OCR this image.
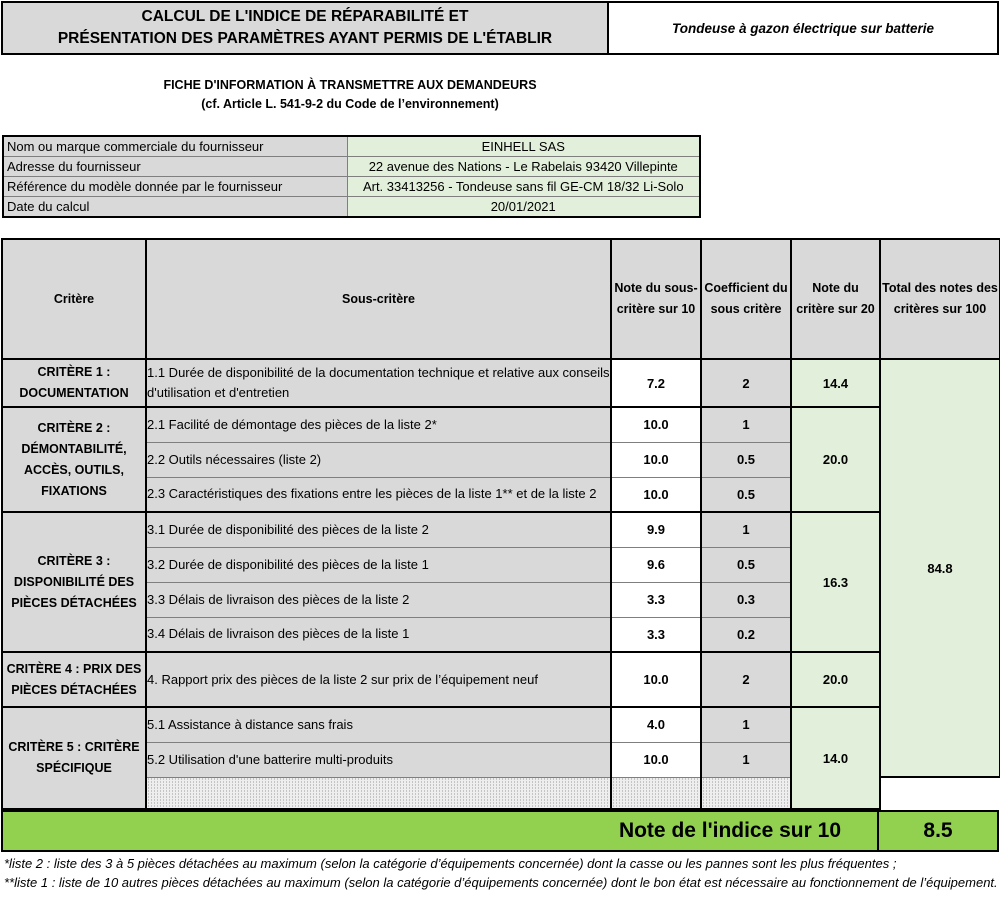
CALCUL DE L'INDICE DE RÉPARABILITÉ ET
PRÉSENTATION DES PARAMÈTRES AYANT PERMIS DE L'ÉTABLIR
Tondeuse à gazon électrique sur batterie
FICHE D'INFORMATION À TRANSMETTRE AUX DEMANDEURS
(cf. Article L. 541-9-2 du Code de l’environnement)
Nom ou marque commerciale du fournisseur	EINHELL SAS
Adresse du fournisseur	22 avenue des Nations - Le Rabelais 93420 Villepinte
Référence du modèle donnée par le fournisseur	Art. 33413256 - Tondeuse sans fil GE-CM 18/32 Li-Solo
Date du calcul	20/01/2021
Critère	Sous-critère	Note du sous-critère sur 10	Coefficient du sous critère	Note du critère sur 20	Total des notes des critères sur 100
CRITÈRE 1 : DOCUMENTATION	1.1 Durée de disponibilité de la documentation technique et relative aux conseils d'utilisation et d'entretien	7.2	2	14.4	84.8
CRITÈRE 2 : DÉMONTABILITÉ, ACCÈS, OUTILS, FIXATIONS	2.1 Facilité de démontage des pièces de la liste 2*	10.0	1	20.0	
	2.2 Outils nécessaires (liste 2)	10.0	0.5		
	2.3 Caractéristiques des fixations entre les pièces de la liste 1** et de la liste 2	10.0	0.5		
CRITÈRE 3 : DISPONIBILITÉ DES PIÈCES DÉTACHÉES	3.1 Durée de disponibilité des pièces de la liste 2	9.9	1	16.3	
	3.2 Durée de disponibilité des pièces de la liste 1	9.6	0.5		
	3.3 Délais de livraison des pièces de la liste 2	3.3	0.3		
	3.4 Délais de livraison des pièces de la liste 1	3.3	0.2		
CRITÈRE 4 : PRIX DES PIÈCES DÉTACHÉES	4. Rapport prix des pièces de la liste 2 sur prix de l’équipement neuf	10.0	2	20.0	
CRITÈRE 5 : CRITÈRE SPÉCIFIQUE	5.1 Assistance à distance sans frais	4.0	1	14.0	
	5.2 Utilisation d'une batterire multi-produits	10.0	1		

Note de l'indice sur 10	8.5
*liste 2 : liste des 3 à 5 pièces détachées au maximum (selon la catégorie d’équipements concernée) dont la casse ou les pannes sont les plus fréquentes ;
**liste 1 : liste de 10 autres pièces détachées au maximum (selon la catégorie d’équipements concernée) dont le bon état est nécessaire au fonctionnement de l’équipement.
